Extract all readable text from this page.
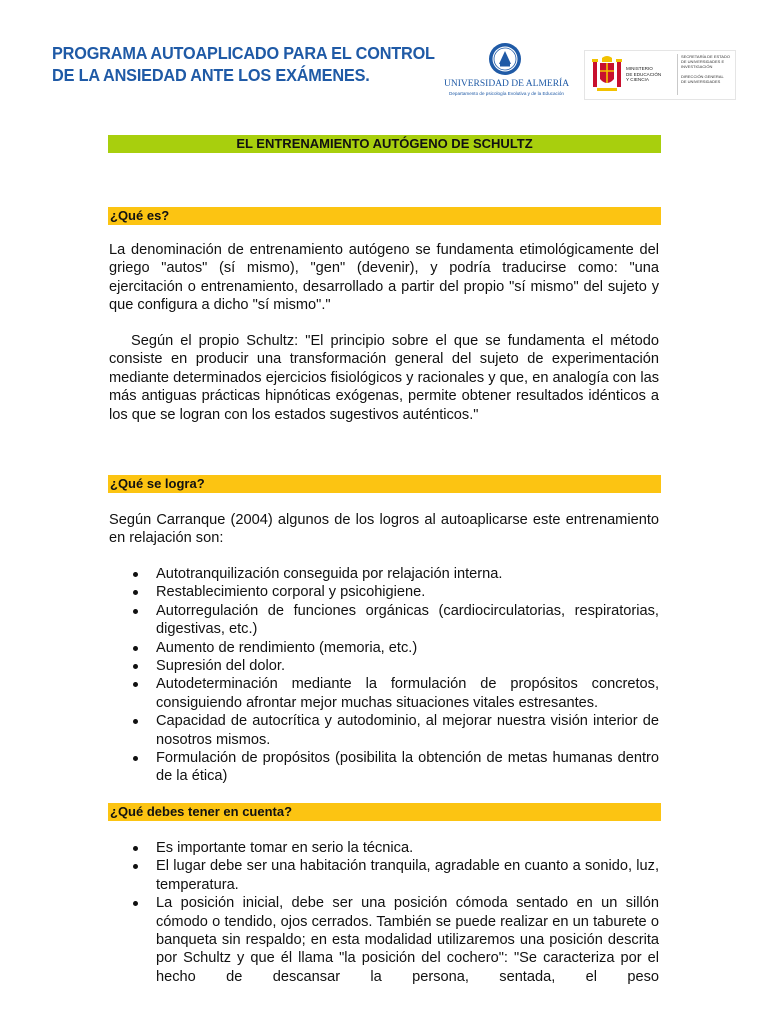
PROGRAMA AUTOAPLICADO PARA EL CONTROL
DE LA ANSIEDAD ANTE LOS EXÁMENES.	UNIVERSIDAD DE ALMERÍA
Departamento de psicología Evolutiva y de la Educación
MINISTERIO
DE EDUCACIÓN
Y CIENCIA
SECRETARÍA DE ESTADO
DE UNIVERSIDADES E
INVESTIGACIÓN

DIRECCIÓN GENERAL
DE UNIVERSIDADES
EL ENTRENAMIENTO AUTÓGENO DE SCHULTZ
¿Qué es?
La denominación de entrenamiento autógeno se fundamenta etimológicamente del griego "autos" (sí mismo), "gen" (devenir), y podría traducirse como: "una ejercitación o entrenamiento, desarrollado a partir del propio "sí mismo" del sujeto y que configura a dicho "sí mismo"."
Según el propio Schultz: "El principio sobre el que se fundamenta el método consiste en producir una transformación general del sujeto de experimentación mediante determinados ejercicios fisiológicos y racionales y que, en analogía con las más antiguas prácticas hipnóticas exógenas, permite obtener resultados idénticos a los que se logran con los estados sugestivos auténticos."
¿Qué se logra?
Según Carranque (2004) algunos de los logros al autoaplicarse este entrenamiento en relajación son:
Autotranquilización conseguida por relajación interna.
Restablecimiento corporal y psicohigiene.
Autorregulación de funciones orgánicas (cardiocirculatorias, respiratorias, digestivas, etc.)
Aumento de rendimiento (memoria, etc.)
Supresión del dolor.
Autodeterminación mediante la formulación de propósitos concretos, consiguiendo afrontar mejor muchas situaciones vitales estresantes.
Capacidad de autocrítica y autodominio, al mejorar nuestra visión interior de nosotros mismos.
Formulación de propósitos (posibilita la obtención de metas humanas dentro de la ética)
¿Qué debes tener en cuenta?
Es importante tomar en serio la técnica.
El lugar debe ser una habitación tranquila, agradable en cuanto a sonido, luz, temperatura.
La posición inicial, debe ser una posición cómoda sentado en un sillón cómodo o tendido, ojos cerrados. También se puede realizar en un taburete o banqueta sin respaldo; en esta modalidad utilizaremos una posición descrita por Schultz y que él llama "la posición del cochero": "Se caracteriza por el hecho de descansar la persona, sentada, el peso
